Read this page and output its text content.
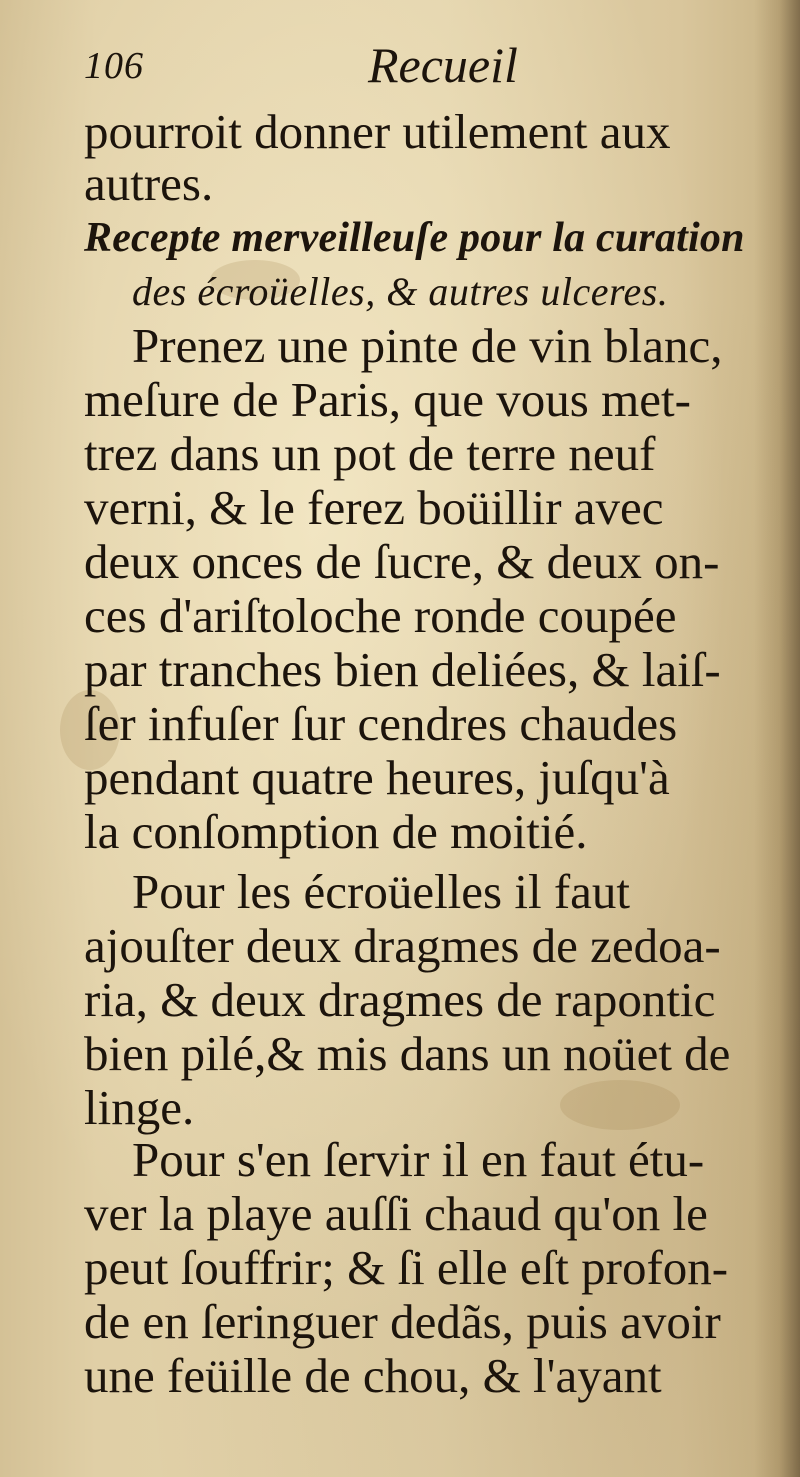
106	Recueil
pourroit donner utilement aux
autres.
Recepte merveilleuſe pour la curation
des écroüelles, & autres ulceres.
Prenez une pinte de vin blanc,
meſure de Paris, que vous met-
trez dans un pot de terre neuf
verni, & le ferez boüillir avec
deux onces de ſucre, & deux on-
ces d'ariſtoloche ronde coupée
par tranches bien deliées, & laiſ-
ſer infuſer ſur cendres chaudes
pendant quatre heures, juſqu'à
la conſomption de moitié.
Pour les écroüelles il faut
ajouſter deux dragmes de zedoa-
ria, & deux dragmes de rapontic
bien pilé,& mis dans un noüet de
linge.
Pour s'en ſervir il en faut étu-
ver la playe auſſi chaud qu'on le
peut ſouffrir; & ſi elle eſt profon-
de en ſeringuer dedãs, puis avoir
une feüille de chou, & l'ayant
